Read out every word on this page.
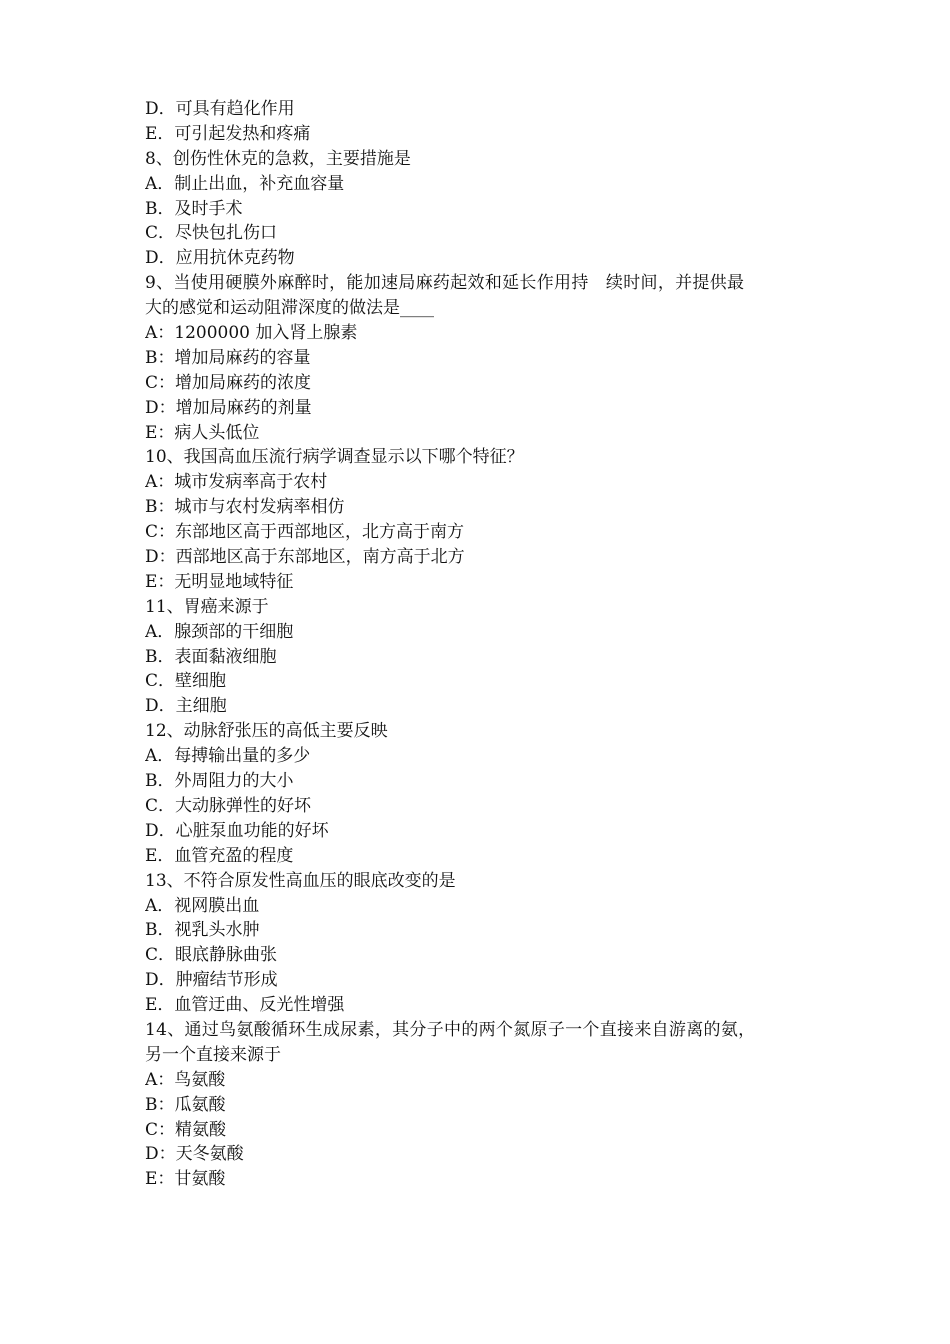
D．可具有趋化作用
E．可引起发热和疼痛
8、创伤性休克的急救，主要措施是
A．制止出血，补充血容量
B．及时手术
C．尽快包扎伤口
D．应用抗休克药物
9、当使用硬膜外麻醉时，能加速局麻药起效和延长作用持　续时间，并提供最
大的感觉和运动阻滞深度的做法是____
A：1200000 加入肾上腺素
B：增加局麻药的容量
C：增加局麻药的浓度
D：增加局麻药的剂量
E：病人头低位
10、我国高血压流行病学调查显示以下哪个特征？
A：城市发病率高于农村
B：城市与农村发病率相仿
C：东部地区高于西部地区，北方高于南方
D：西部地区高于东部地区，南方高于北方
E：无明显地域特征
11、胃癌来源于
A．腺颈部的干细胞
B．表面黏液细胞
C．壁细胞
D．主细胞
12、动脉舒张压的高低主要反映
A．每搏输出量的多少
B．外周阻力的大小
C．大动脉弹性的好坏
D．心脏泵血功能的好坏
E．血管充盈的程度
13、不符合原发性高血压的眼底改变的是
A．视网膜出血
B．视乳头水肿
C．眼底静脉曲张
D．肿瘤结节形成
E．血管迂曲、反光性增强
14、通过鸟氨酸循环生成尿素，其分子中的两个氮原子一个直接来自游离的氨，
另一个直接来源于
A：鸟氨酸
B：瓜氨酸
C：精氨酸
D：天冬氨酸
E：甘氨酸
